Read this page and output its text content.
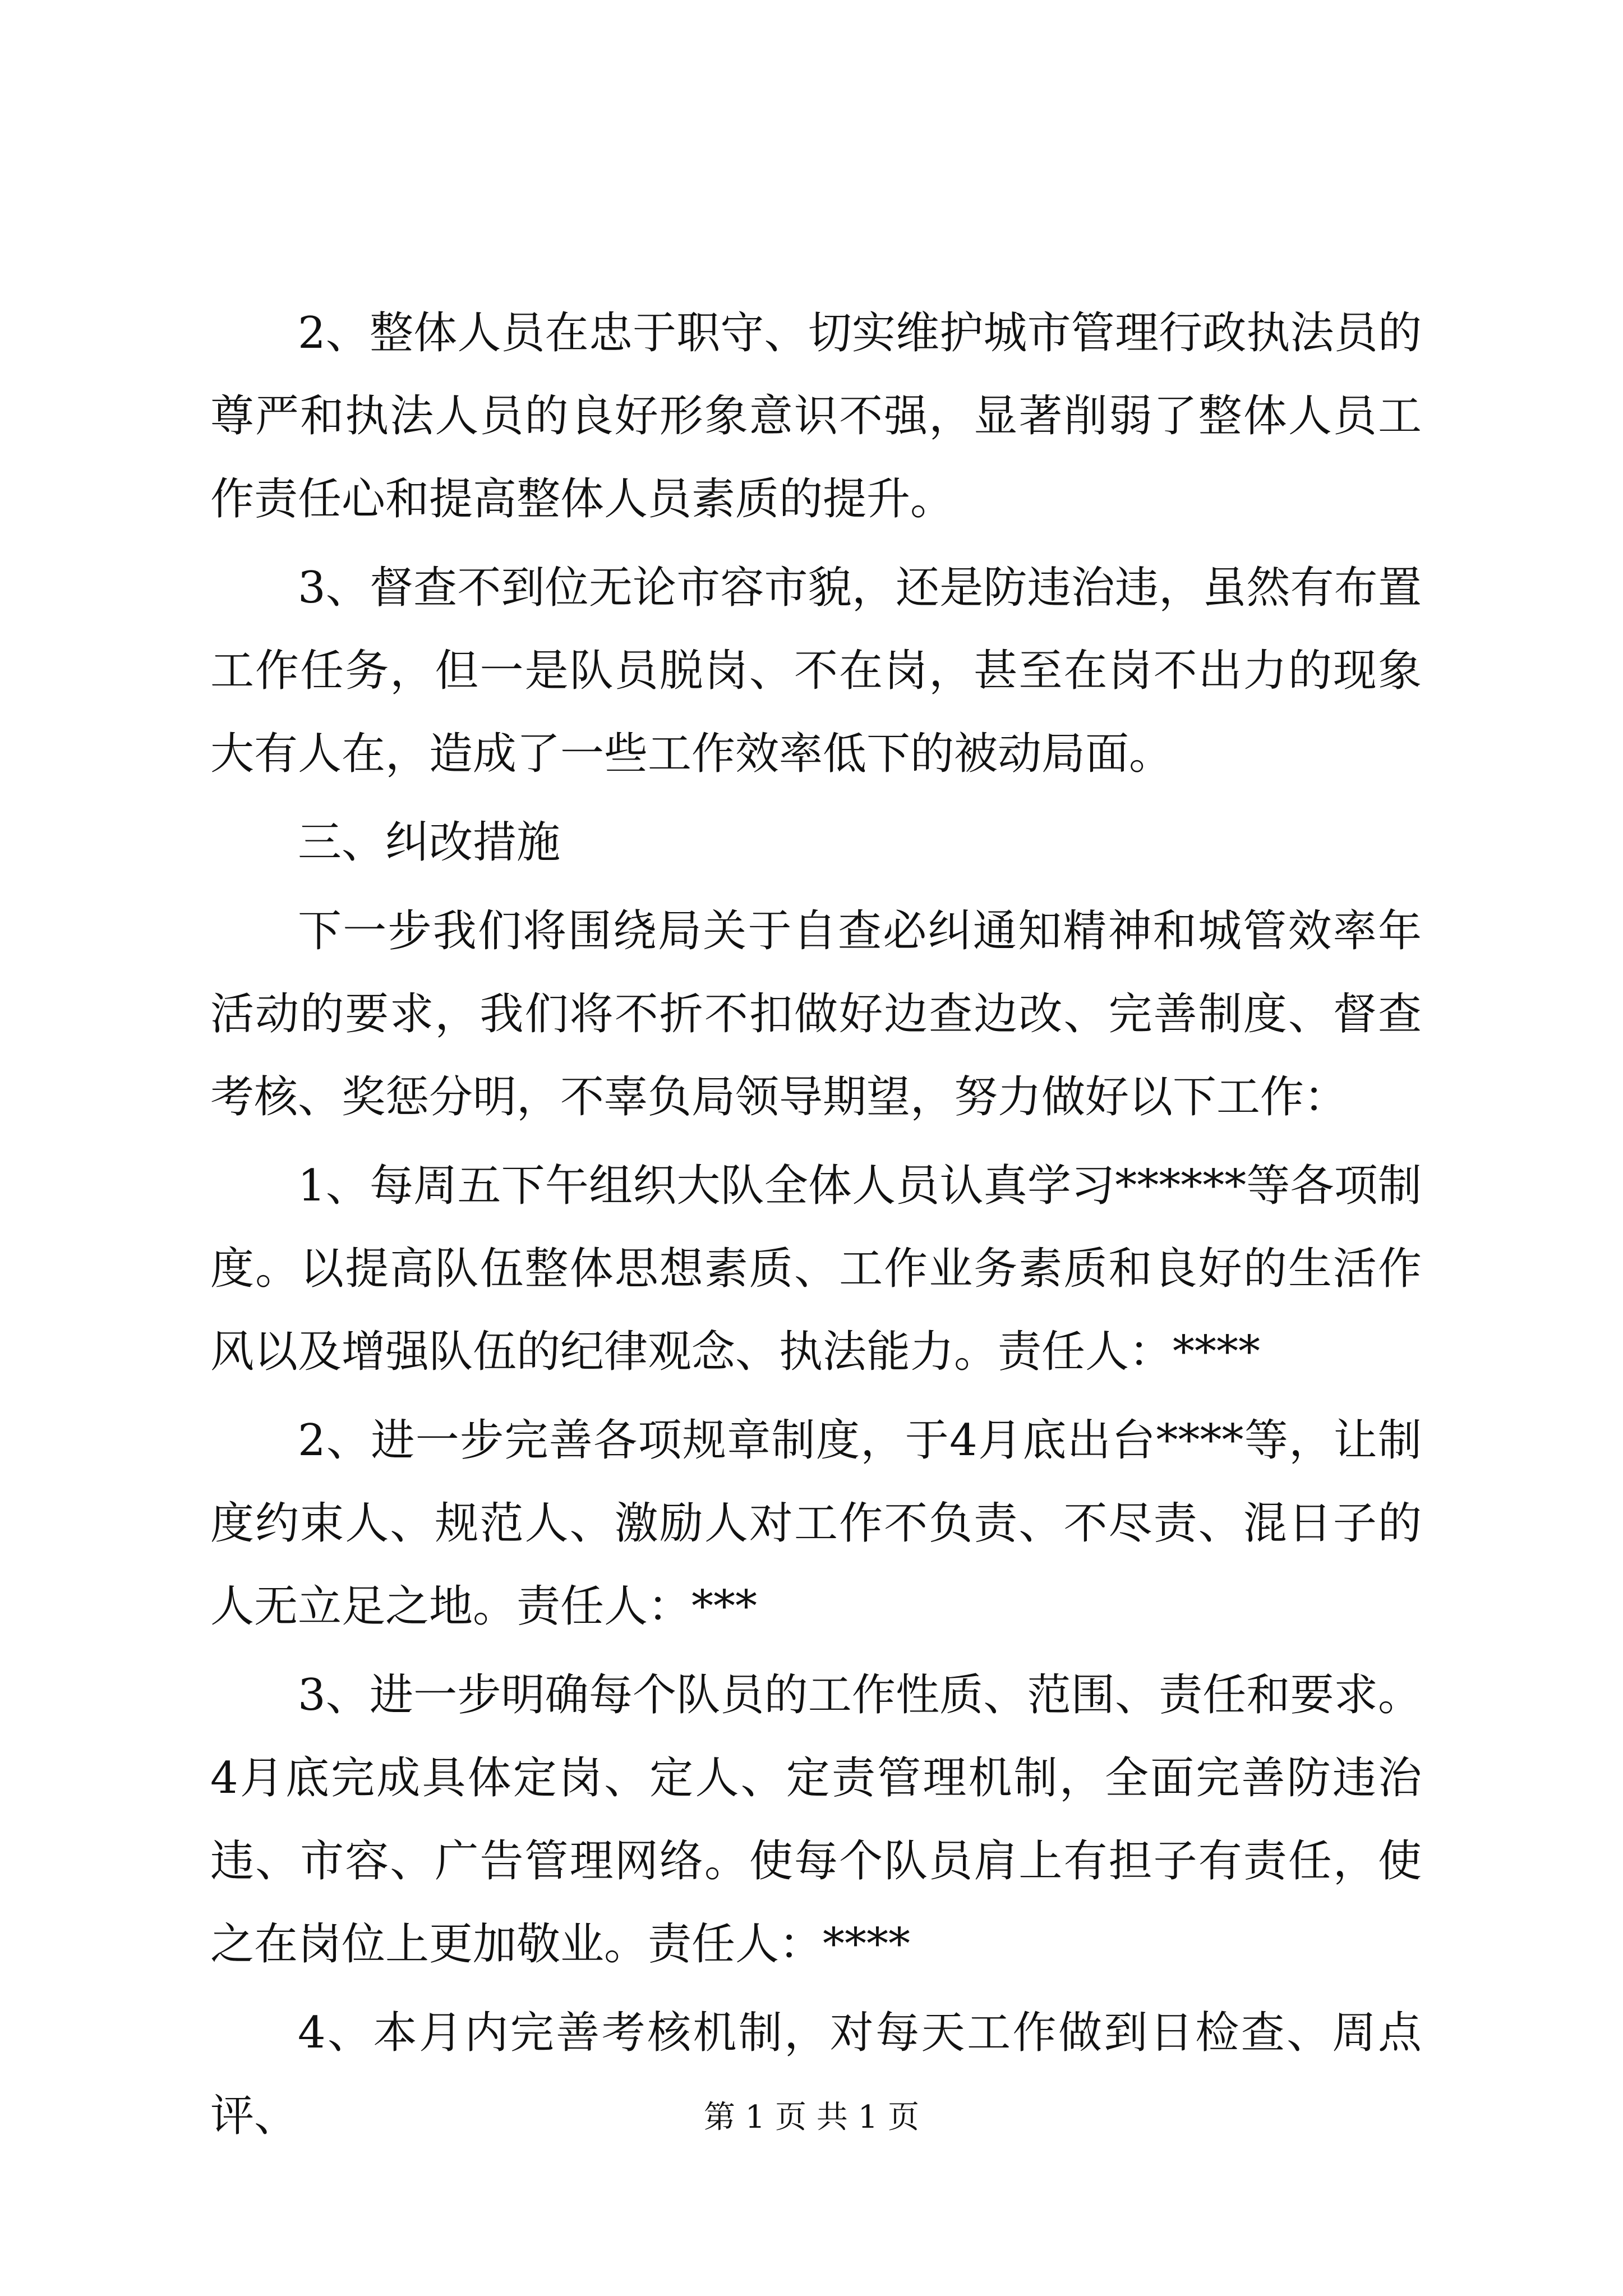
2、整体人员在忠于职守、切实维护城市管理行政执法员的尊严和执法人员的良好形象意识不强，显著削弱了整体人员工作责任心和提高整体人员素质的提升。

3、督查不到位无论市容市貌，还是防违治违，虽然有布置工作任务，但一是队员脱岗、不在岗，甚至在岗不出力的现象大有人在，造成了一些工作效率低下的被动局面。

三、纠改措施

下一步我们将围绕局关于自查必纠通知精神和城管效率年活动的要求，我们将不折不扣做好边查边改、完善制度、督查考核、奖惩分明，不辜负局领导期望，努力做好以下工作：

1、每周五下午组织大队全体人员认真学习******等各项制度。以提高队伍整体思想素质、工作业务素质和良好的生活作风以及增强队伍的纪律观念、执法能力。责任人：****

2、进一步完善各项规章制度，于4月底出台****等，让制度约束人、规范人、激励人对工作不负责、不尽责、混日子的人无立足之地。责任人：***

3、进一步明确每个队员的工作性质、范围、责任和要求。4月底完成具体定岗、定人、定责管理机制，全面完善防违治违、市容、广告管理网络。使每个队员肩上有担子有责任，使之在岗位上更加敬业。责任人：****

4、本月内完善考核机制，对每天工作做到日检查、周点评、	第 1 页 共 1 页
